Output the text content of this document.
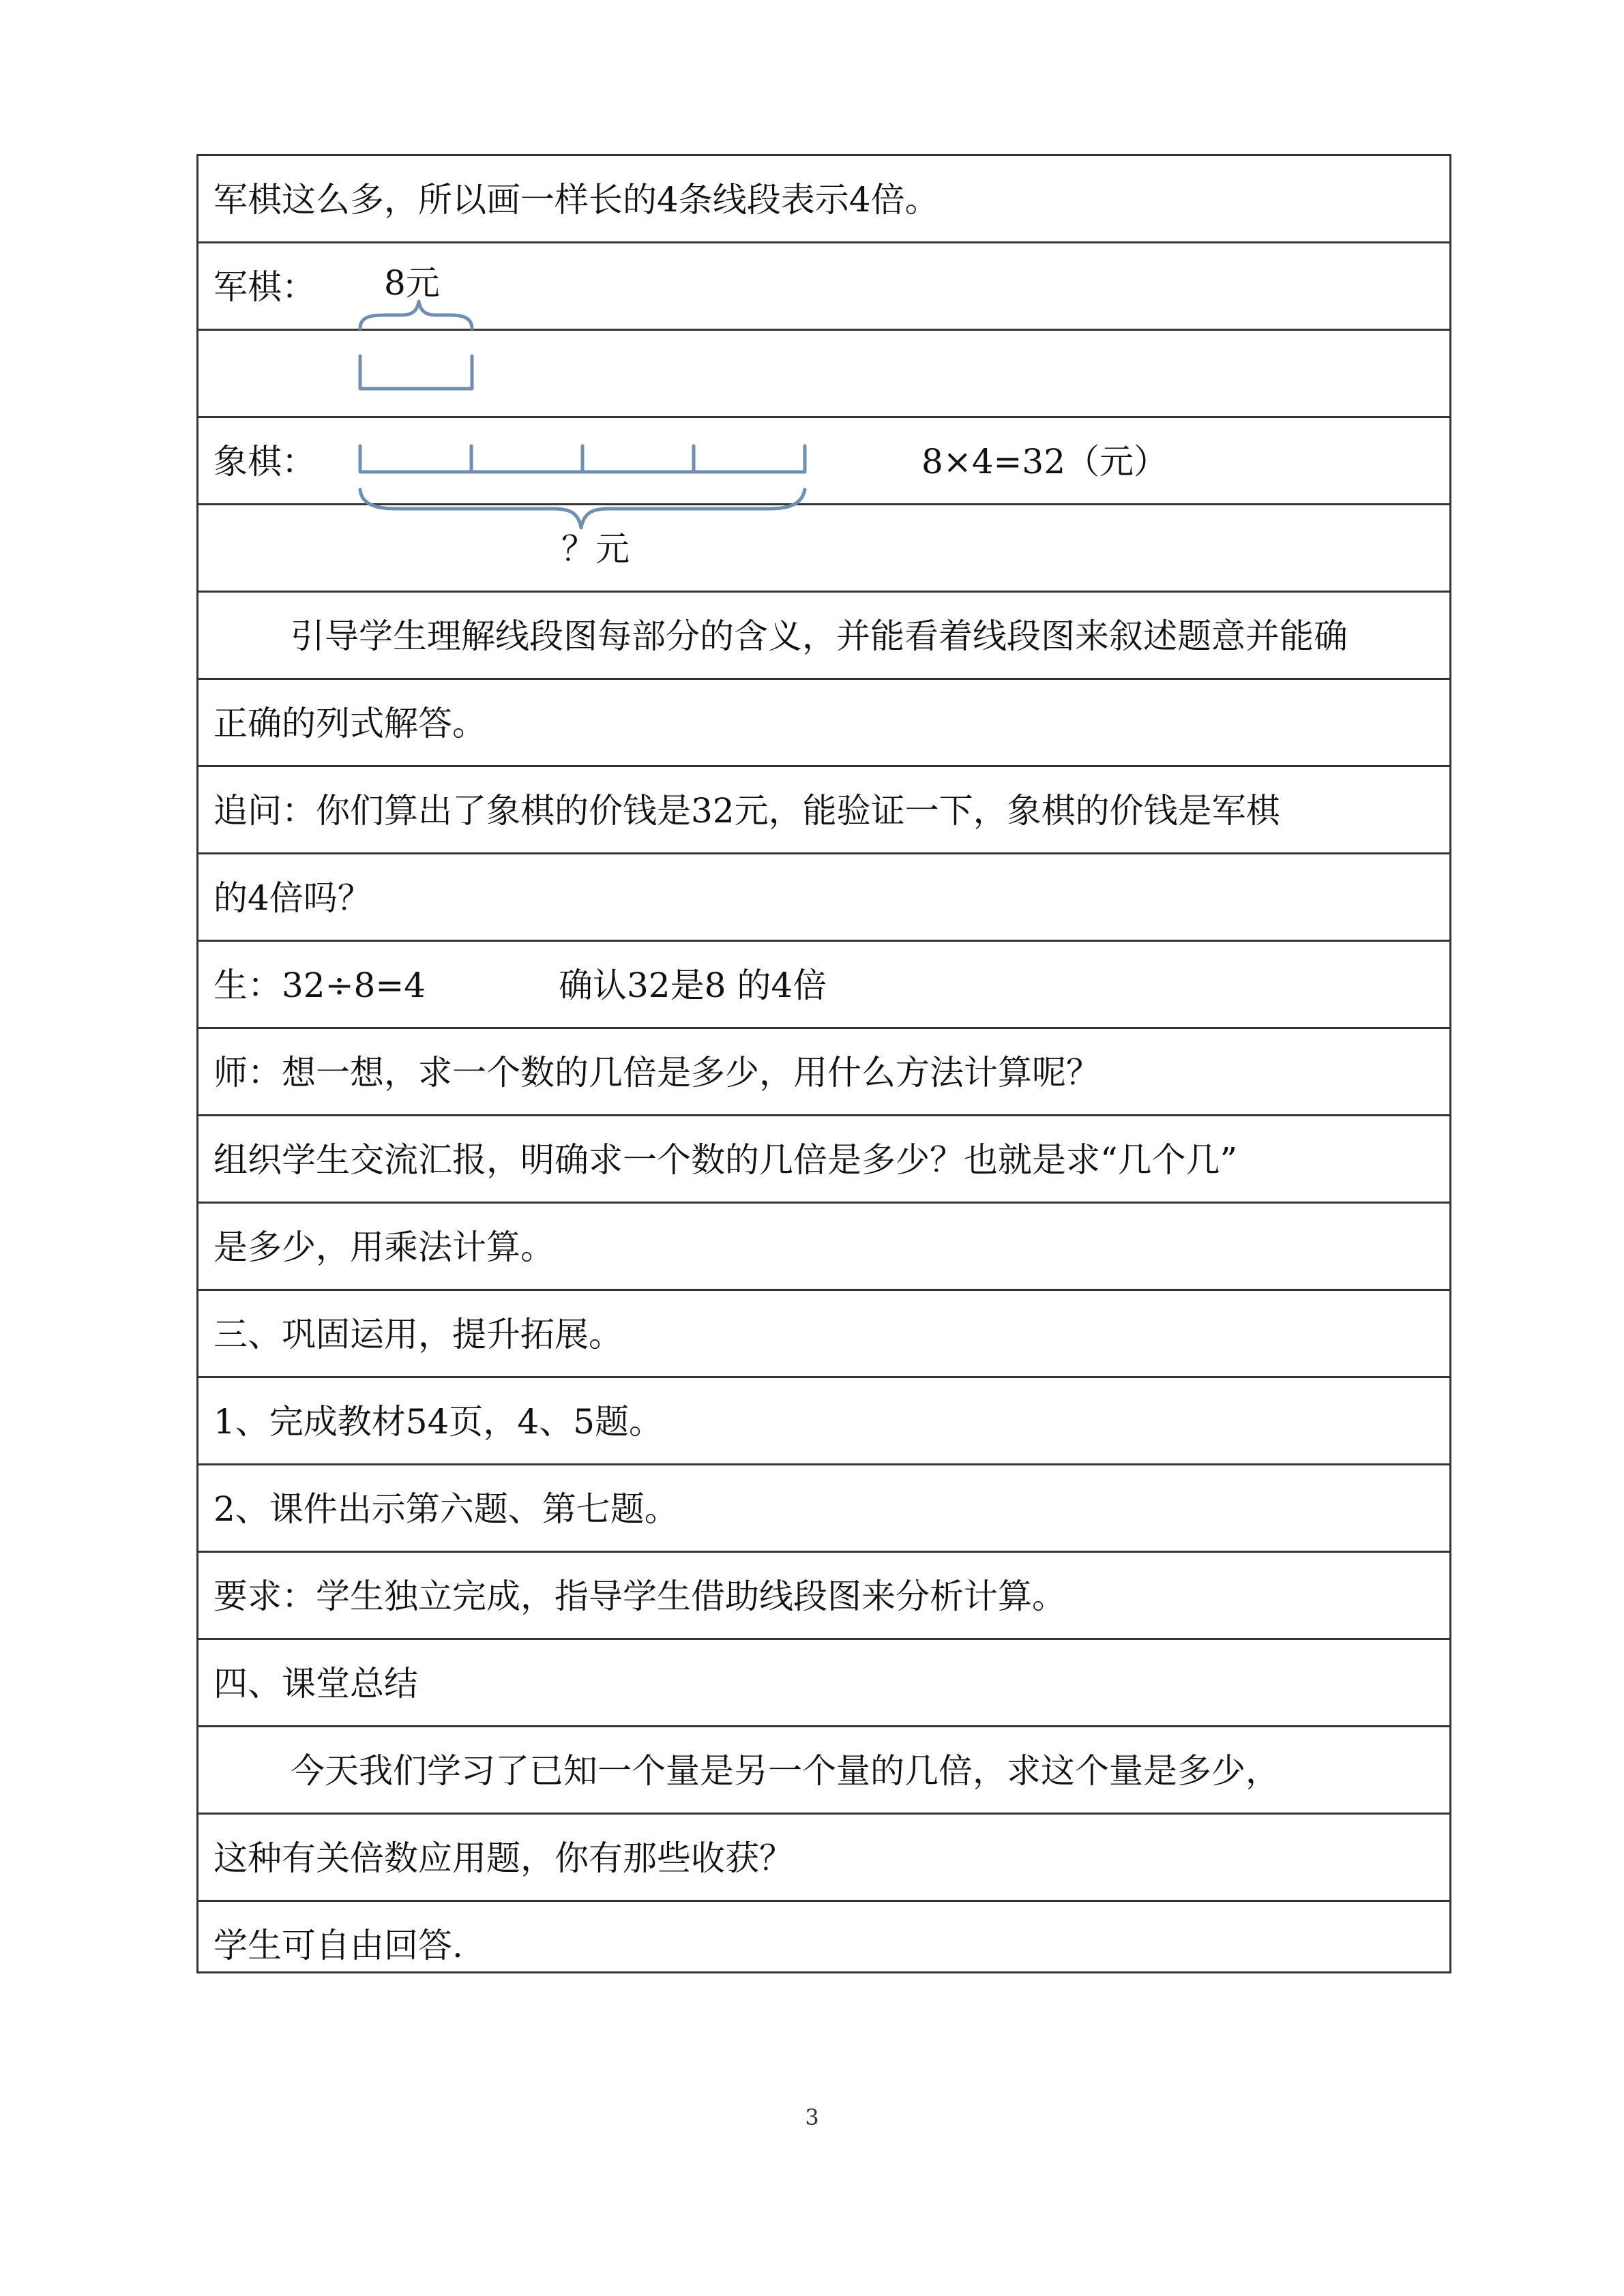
军棋这么多，所以画一样长的4条线段表示4倍。
军棋： 8元
象棋：	8×4=32（元）
？元
引导学生理解线段图每部分的含义，并能看着线段图来叙述题意并能确
正确的列式解答。
追问：你们算出了象棋的价钱是32元，能验证一下，象棋的价钱是军棋
的4倍吗？
生：32÷8=4	确认32是8 的4倍
师：想一想，求一个数的几倍是多少，用什么方法计算呢？
组织学生交流汇报，明确求一个数的几倍是多少？也就是求“几个几”
是多少，用乘法计算。
三、巩固运用，提升拓展。
1、完成教材54页，4、5题。
2、课件出示第六题、第七题。
要求：学生独立完成，指导学生借助线段图来分析计算。
四、课堂总结
今天我们学习了已知一个量是另一个量的几倍，求这个量是多少，
这种有关倍数应用题，你有那些收获？
学生可自由回答.
3
